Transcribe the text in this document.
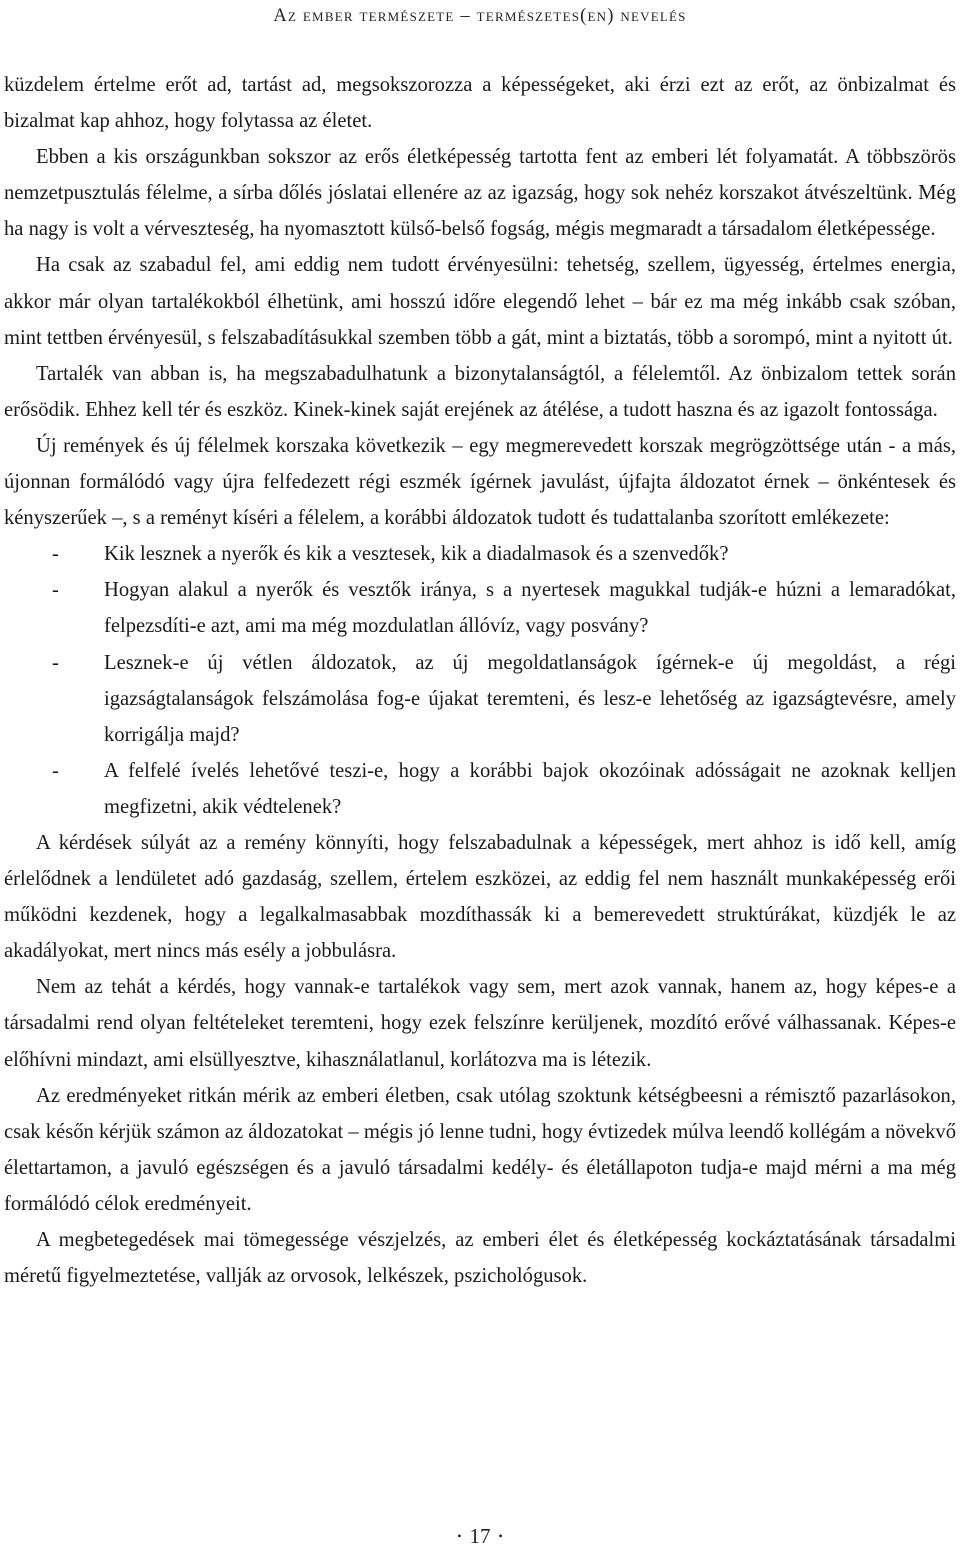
Az ember természete – természetes(en) nevelés

küzdelem értelme erőt ad, tartást ad, megsokszorozza a képességeket, aki érzi ezt az erőt, az önbizalmat és bizalmat kap ahhoz, hogy folytassa az életet.

Ebben a kis országunkban sokszor az erős életképesség tartotta fent az emberi lét folyamatát. A többszörös nemzetpusztulás félelme, a sírba dőlés jóslatai ellenére az az igazság, hogy sok nehéz korszakot átvészeltünk. Még ha nagy is volt a vérveszteség, ha nyomasztott külső-belső fogság, mégis megmaradt a társadalom életképessége.

Ha csak az szabadul fel, ami eddig nem tudott érvényesülni: tehetség, szellem, ügyesség, értelmes energia, akkor már olyan tartalékokból élhetünk, ami hosszú időre elegendő lehet – bár ez ma még inkább csak szóban, mint tettben érvényesül, s felszabadításukkal szemben több a gát, mint a biztatás, több a sorompó, mint a nyitott út.

Tartalék van abban is, ha megszabadulhatunk a bizonytalanságtól, a félelemtől. Az önbizalom tettek során erősödik. Ehhez kell tér és eszköz. Kinek-kinek saját erejének az átélése, a tudott haszna és az igazolt fontossága.

Új remények és új félelmek korszaka következik – egy megmerevedett korszak megrögzöttsége után - a más, újonnan formálódó vagy újra felfedezett régi eszmék ígérnek javulást, újfajta áldozatot érnek – önkéntesek és kényszerűek –, s a reményt kíséri a félelem, a korábbi áldozatok tudott és tudattalanba szorított emlékezete:

- Kik lesznek a nyerők és kik a vesztesek, kik a diadalmasok és a szenvedők?
- Hogyan alakul a nyerők és vesztők iránya, s a nyertesek magukkal tudják-e húzni a lemaradókat, felpezsdíti-e azt, ami ma még mozdulatlan állóvíz, vagy posvány?
- Lesznek-e új vétlen áldozatok, az új megoldatlanságok ígérnek-e új megoldást, a régi igazságtalanságok felszámolása fog-e újakat teremteni, és lesz-e lehetőség az igazságtevésre, amely korrigálja majd?
- A felfelé ívelés lehetővé teszi-e, hogy a korábbi bajok okozóinak adósságait ne azoknak kelljen megfizetni, akik védtelenek?

A kérdések súlyát az a remény könnyíti, hogy felszabadulnak a képességek, mert ahhoz is idő kell, amíg érlelődnek a lendületet adó gazdaság, szellem, értelem eszközei, az eddig fel nem használt munkaképesség erői működni kezdenek, hogy a legalkalmasabbak mozdíthassák ki a bemerevedett struktúrákat, küzdjék le az akadályokat, mert nincs más esély a jobbulásra.

Nem az tehát a kérdés, hogy vannak-e tartalékok vagy sem, mert azok vannak, hanem az, hogy képes-e a társadalmi rend olyan feltételeket teremteni, hogy ezek felszínre kerüljenek, mozdító erővé válhassanak. Képes-e előhívni mindazt, ami elsüllyesztve, kihasználatlanul, korlátozva ma is létezik.

Az eredményeket ritkán mérik az emberi életben, csak utólag szoktunk kétségbeesni a rémisztő pazarlásokon, csak későn kérjük számon az áldozatokat – mégis jó lenne tudni, hogy évtizedek múlva leendő kollégám a növekvő élettartamon, a javuló egészségen és a javuló társadalmi kedély- és életállapoton tudja-e majd mérni a ma még formálódó célok eredményeit.

A megbetegedések mai tömegessége vészjelzés, az emberi élet és életképesség kockáztatásának társadalmi méretű figyelmeztetése, vallják az orvosok, lelkészek, pszichológusok.

• 17 •
